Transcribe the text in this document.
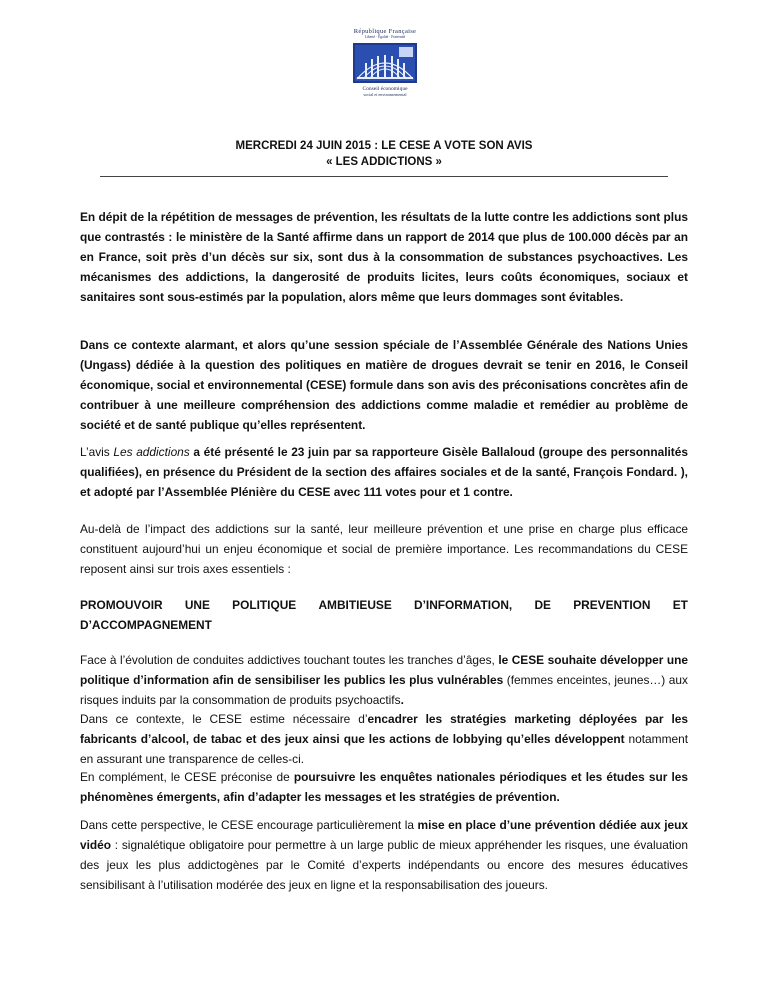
République Française
Liberté · Égalité · Fraternité
Conseil économique
social et environnemental
MERCREDI 24 JUIN 2015 : LE CESE A VOTE SON AVIS
« LES ADDICTIONS »

En dépit de la répétition de messages de prévention, les résultats de la lutte contre les addictions sont plus que contrastés : le ministère de la Santé affirme dans un rapport de 2014 que plus de 100.000 décès par an en France, soit près d’un décès sur six, sont dus à la consommation de substances psychoactives. Les mécanismes des addictions, la dangerosité de produits licites, leurs coûts économiques, sociaux et sanitaires sont sous-estimés par la population, alors même que leurs dommages sont évitables.

Dans ce contexte alarmant, et alors qu’une session spéciale de l’Assemblée Générale des Nations Unies (Ungass) dédiée à la question des politiques en matière de drogues devrait se tenir en 2016, le Conseil économique, social et environnemental (CESE) formule dans son avis des préconisations concrètes afin de contribuer à une meilleure compréhension des addictions comme maladie et remédier au problème de société et de santé publique qu’elles représentent.

L’avis Les addictions a été présenté le 23 juin par sa rapporteure Gisèle Ballaloud (groupe des personnalités qualifiées), en présence du Président de la section des affaires sociales et de la santé, François Fondard. ), et adopté par l’Assemblée Plénière du CESE avec 111 votes pour et 1 contre.

Au-delà de l’impact des addictions sur la santé, leur meilleure prévention et une prise en charge plus efficace constituent aujourd’hui un enjeu économique et social de première importance. Les recommandations du CESE reposent ainsi sur trois axes essentiels :

PROMOUVOIR UNE POLITIQUE AMBITIEUSE D’INFORMATION, DE PREVENTION ET
D’ACCOMPAGNEMENT

Face à l’évolution de conduites addictives touchant toutes les tranches d’âges, le CESE souhaite développer une politique d’information afin de sensibiliser les publics les plus vulnérables (femmes enceintes, jeunes…) aux risques induits par la consommation de produits psychoactifs.

Dans ce contexte, le CESE estime nécessaire d’encadrer les stratégies marketing déployées par les fabricants d’alcool, de tabac et des jeux ainsi que les actions de lobbying qu’elles développent notamment en assurant une transparence de celles-ci.

En complément, le CESE préconise de poursuivre les enquêtes nationales périodiques et les études sur les phénomènes émergents, afin d’adapter les messages et les stratégies de prévention.

Dans cette perspective, le CESE encourage particulièrement la mise en place d’une prévention dédiée aux jeux vidéo : signalétique obligatoire pour permettre à un large public de mieux appréhender les risques, une évaluation des jeux les plus addictogènes par le Comité d’experts indépendants ou encore des mesures éducatives sensibilisant à l’utilisation modérée des jeux en ligne et la responsabilisation des joueurs.
